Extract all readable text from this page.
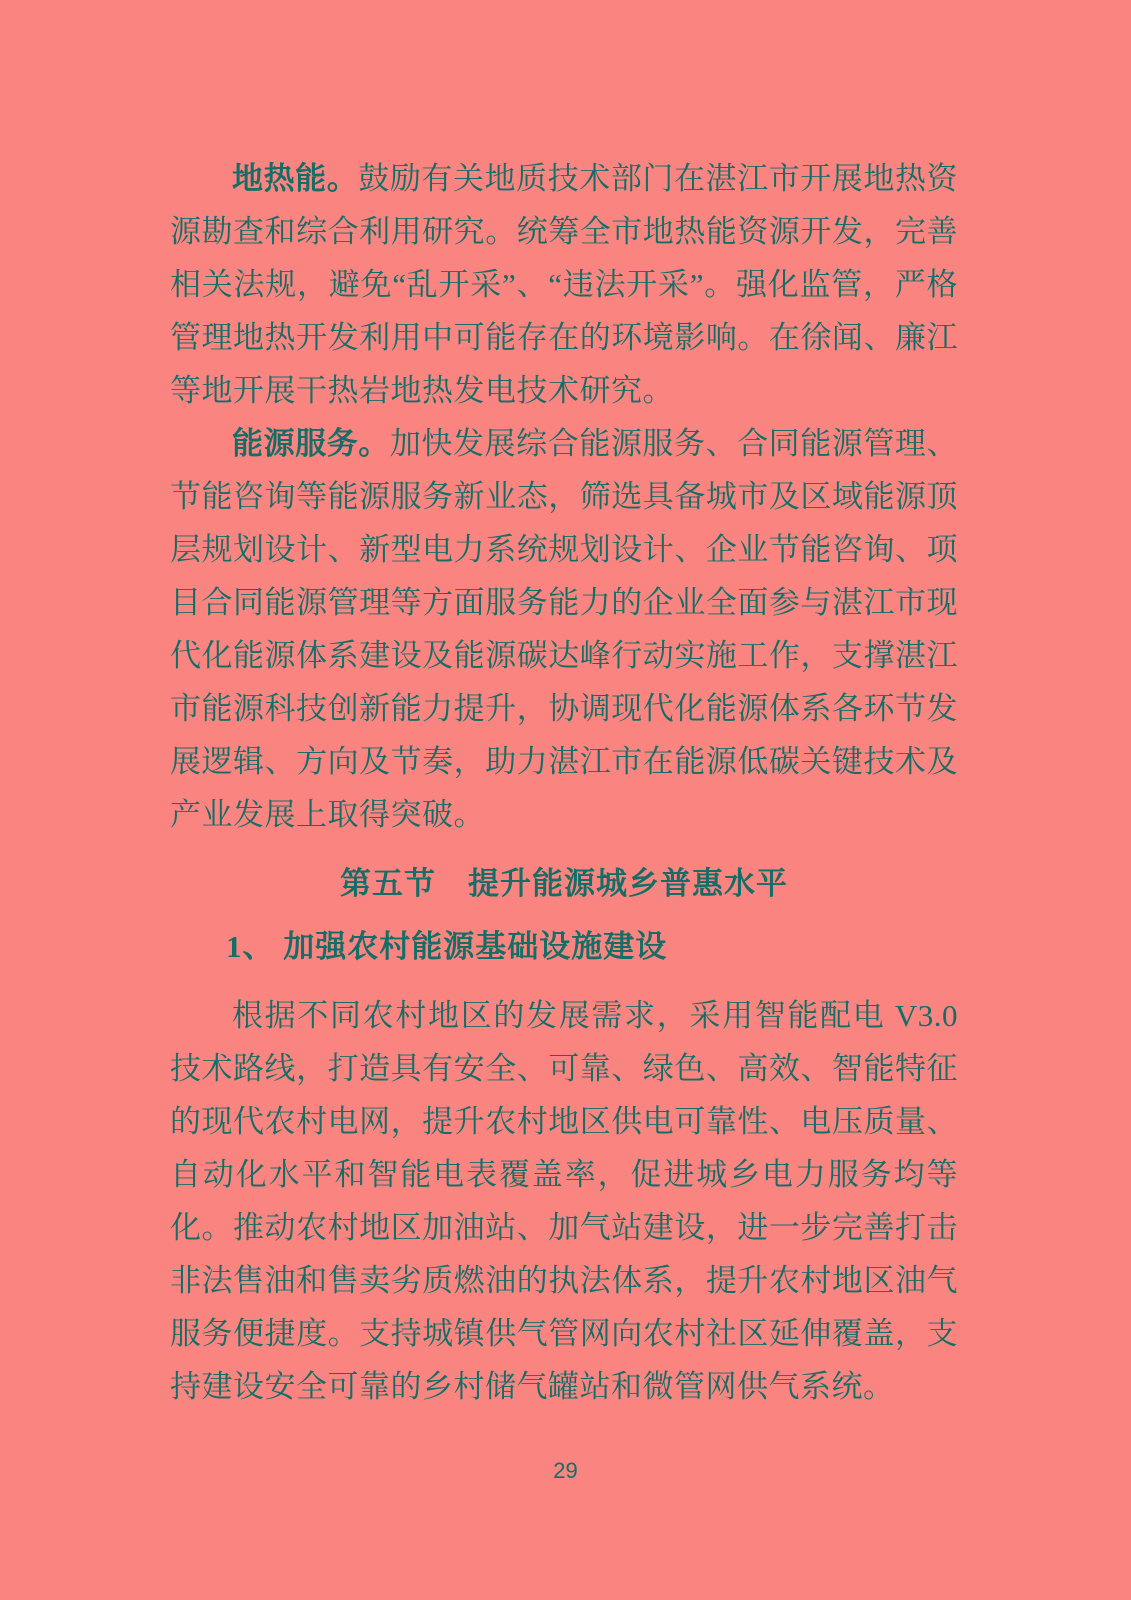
地热能。鼓励有关地质技术部门在湛江市开展地热资源勘查和综合利用研究。统筹全市地热能资源开发，完善相关法规，避免“乱开采”、“违法开采”。强化监管，严格管理地热开发利用中可能存在的环境影响。在徐闻、廉江等地开展干热岩地热发电技术研究。

能源服务。加快发展综合能源服务、合同能源管理、节能咨询等能源服务新业态，筛选具备城市及区域能源顶层规划设计、新型电力系统规划设计、企业节能咨询、项目合同能源管理等方面服务能力的企业全面参与湛江市现代化能源体系建设及能源碳达峰行动实施工作，支撑湛江市能源科技创新能力提升，协调现代化能源体系各环节发展逻辑、方向及节奏，助力湛江市在能源低碳关键技术及产业发展上取得突破。

第五节　提升能源城乡普惠水平
1、 加强农村能源基础设施建设

根据不同农村地区的发展需求，采用智能配电 V3.0 技术路线，打造具有安全、可靠、绿色、高效、智能特征的现代农村电网，提升农村地区供电可靠性、电压质量、自动化水平和智能电表覆盖率，促进城乡电力服务均等化。推动农村地区加油站、加气站建设，进一步完善打击非法售油和售卖劣质燃油的执法体系，提升农村地区油气服务便捷度。支持城镇供气管网向农村社区延伸覆盖，支持建设安全可靠的乡村储气罐站和微管网供气系统。

29
